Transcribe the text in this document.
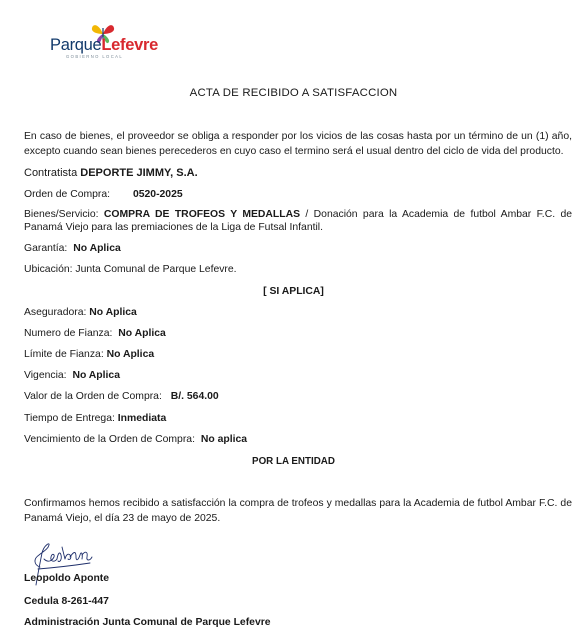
ParqueLefevre
GOBIERNO LOCAL
ACTA DE RECIBIDO A SATISFACCION
En caso de bienes, el proveedor se obliga a responder por los vicios de las cosas hasta por un término de un (1) año, excepto cuando sean bienes perecederos en cuyo caso el termino será el usual dentro del ciclo de vida del producto.
Contratista DEPORTE JIMMY, S.A.
Orden de Compra: 0520-2025
Bienes/Servicio: COMPRA DE TROFEOS Y MEDALLAS / Donación para la Academia de futbol Ambar F.C. de Panamá Viejo para las premiaciones de la Liga de Futsal Infantil.
Garantía: No Aplica
Ubicación: Junta Comunal de Parque Lefevre.
[ SI APLICA]
Aseguradora: No Aplica
Numero de Fianza: No Aplica
Límite de Fianza: No Aplica
Vigencia: No Aplica
Valor de la Orden de Compra: B/. 564.00
Tiempo de Entrega: Inmediata
Vencimiento de la Orden de Compra: No aplica
POR LA ENTIDAD
Confirmamos hemos recibido a satisfacción la compra de trofeos y medallas para la Academia de futbol Ambar F.C. de Panamá Viejo, el día 23 de mayo de 2025.
Leopoldo Aponte
Cedula 8-261-447
Administración Junta Comunal de Parque Lefevre
